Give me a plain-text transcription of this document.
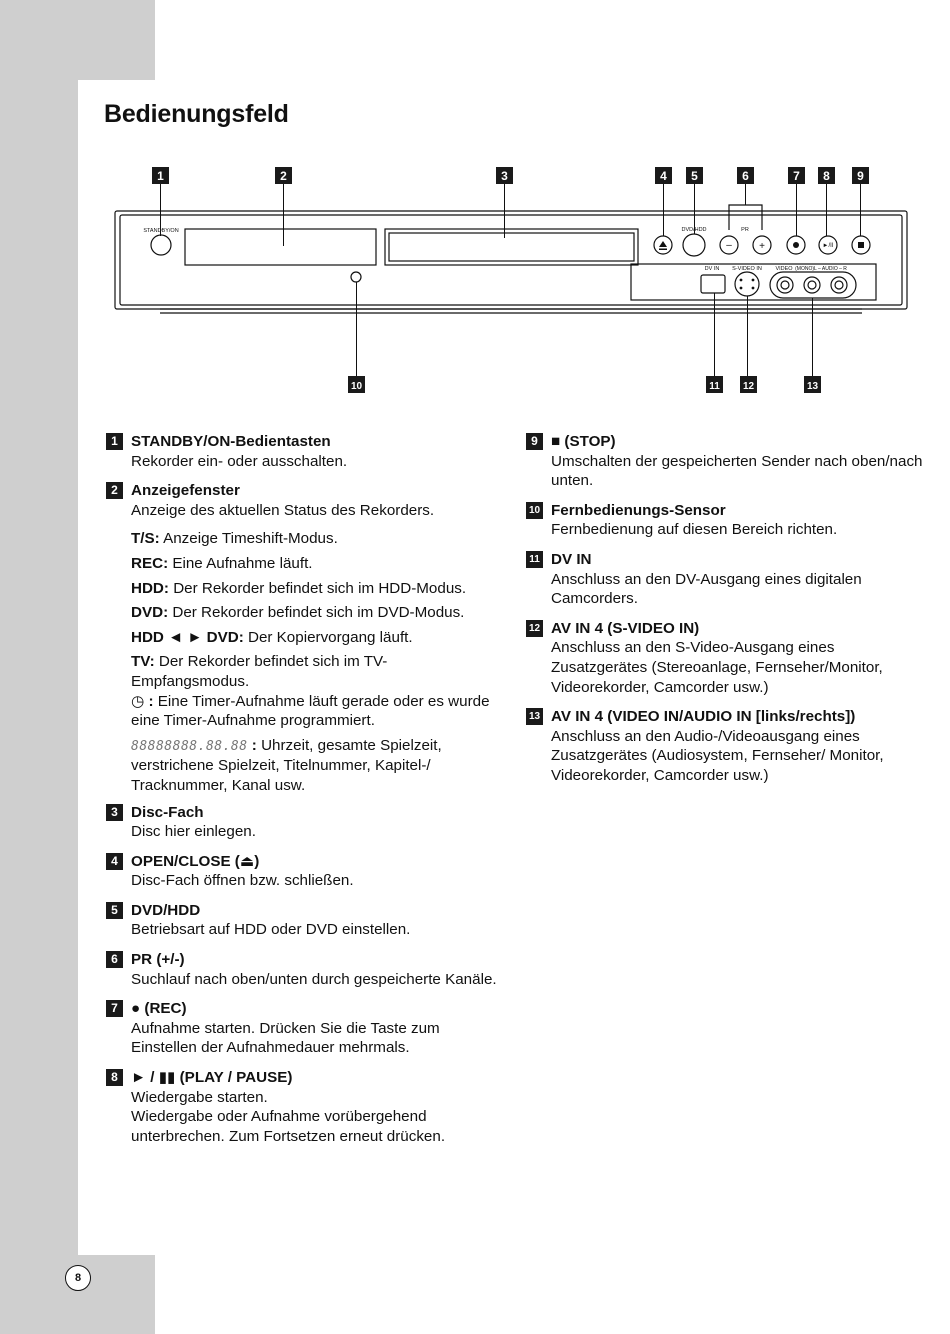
Bedienungsfeld
1	2	3	4 5	6	7 8 9
10	11 12	13
STANDBY/ON	DVD/HDD	PR
–	+	►/II
DV IN S-VIDEO IN VIDEO (MONO)L – AUDIO – R
1 STANDBY/ON-Bedientasten
Rekorder ein- oder ausschalten.
2 Anzeigefenster
Anzeige des aktuellen Status des Rekorders.

T/S: Anzeige Timeshift-Modus.

REC: Eine Aufnahme läuft.

HDD: Der Rekorder befindet sich im HDD-Modus.

DVD: Der Rekorder befindet sich im DVD-Modus.

HDD ◄ ► DVD: Der Kopiervorgang läuft.

TV: Der Rekorder befindet sich im TV-Empfangsmodus.

◷ : Eine Timer-Aufnahme läuft gerade oder es wurde eine Timer-Aufnahme programmiert.

88888888.88.88 : Uhrzeit, gesamte Spielzeit, verstrichene Spielzeit, Titelnummer, Kapitel-/ Tracknummer, Kanal usw.

3 Disc-Fach
Disc hier einlegen.
4 OPEN/CLOSE (⏏)
Disc-Fach öffnen bzw. schließen.
5 DVD/HDD
Betriebsart auf HDD oder DVD einstellen.
6 PR (+/-)
Suchlauf nach oben/unten durch gespeicherte Kanäle.
7 ● (REC)
Aufnahme starten. Drücken Sie die Taste zum Einstellen der Aufnahmedauer mehrmals.
8 ► / ▮▮ (PLAY / PAUSE)
Wiedergabe starten.
Wiedergabe oder Aufnahme vorübergehend unterbrechen. Zum Fortsetzen erneut drücken.
9 ■ (STOP)
Umschalten der gespeicherten Sender nach oben/nach unten.
10 Fernbedienungs-Sensor
Fernbedienung auf diesen Bereich richten.
11 DV IN
Anschluss an den DV-Ausgang eines digitalen Camcorders.
12 AV IN 4 (S-VIDEO IN)
Anschluss an den S-Video-Ausgang eines Zusatzgerätes (Stereoanlage, Fernseher/Monitor, Videorekorder, Camcorder usw.)
13 AV IN 4 (VIDEO IN/AUDIO IN [links/rechts])
Anschluss an den Audio-/Videoausgang eines Zusatzgerätes (Audiosystem, Fernseher/ Monitor, Videorekorder, Camcorder usw.)
8
